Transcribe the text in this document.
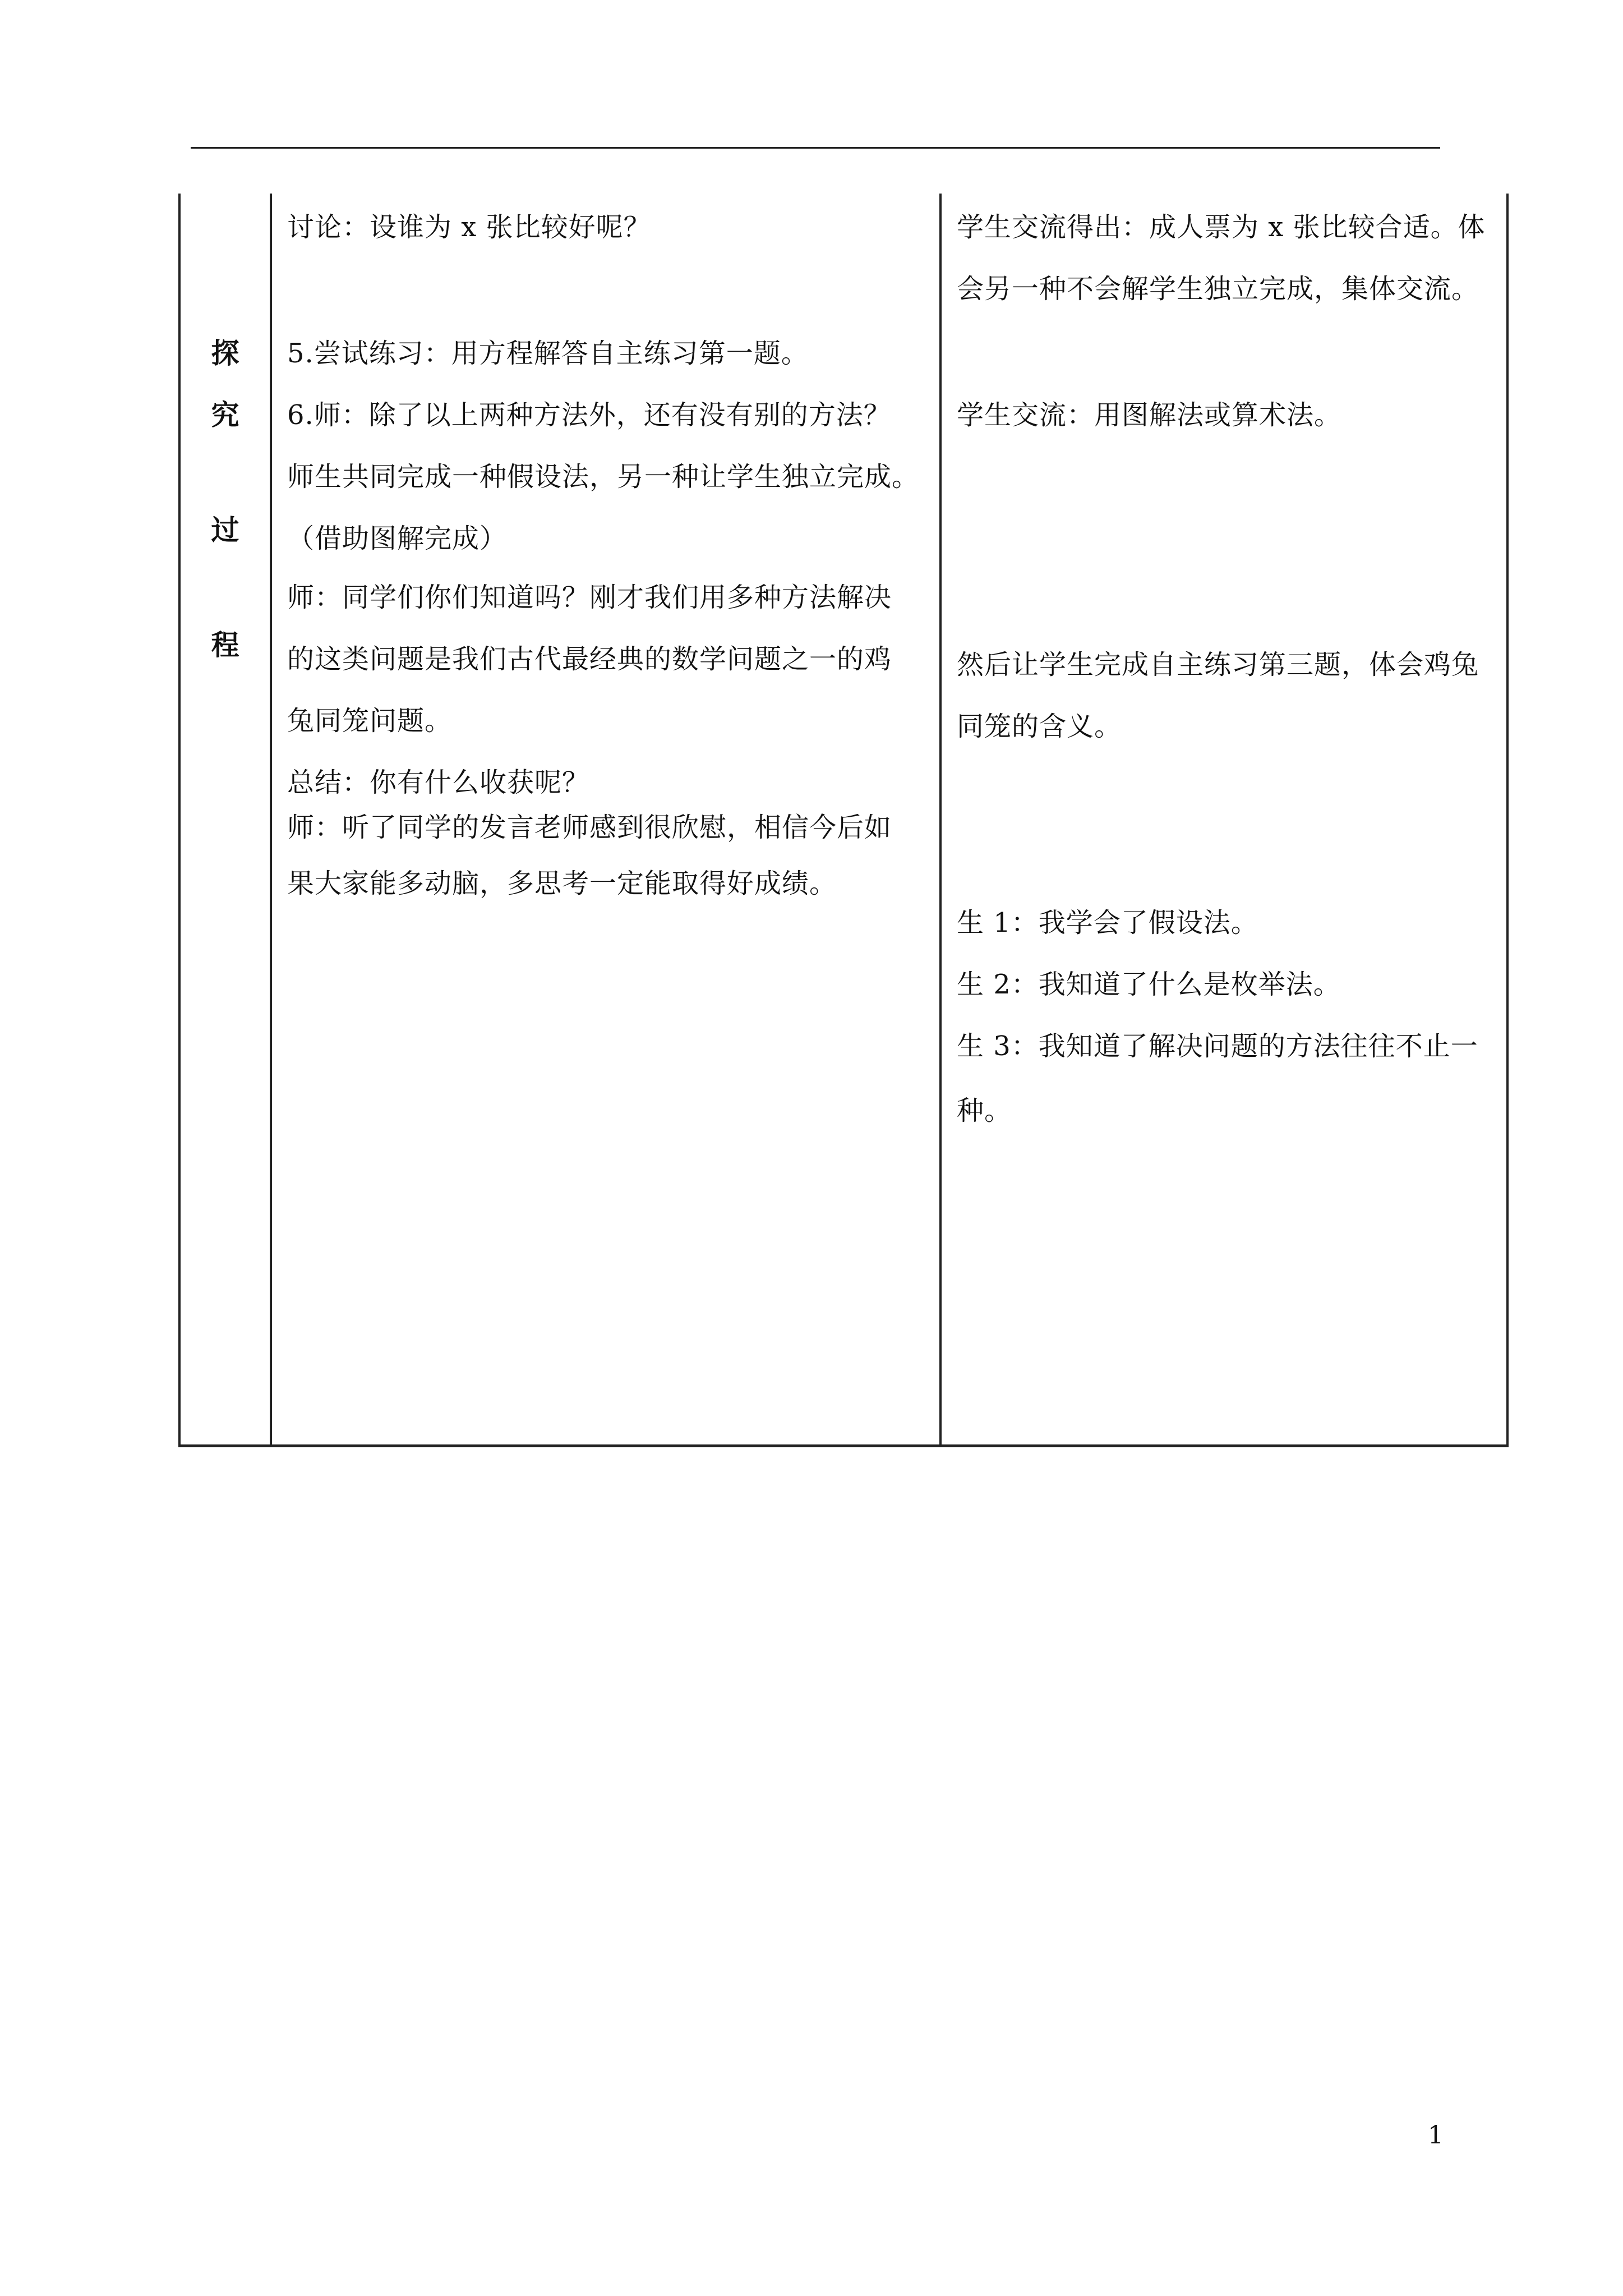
探
究
过
程

讨论：设谁为 x 张比较好呢？
5.尝试练习：用方程解答自主练习第一题。
6.师：除了以上两种方法外，还有没有别的方法？
师生共同完成一种假设法，另一种让学生独立完成。
（借助图解完成）
师：同学们你们知道吗？刚才我们用多种方法解决
的这类问题是我们古代最经典的数学问题之一的鸡
兔同笼问题。
总结：你有什么收获呢？
师：听了同学的发言老师感到很欣慰，相信今后如
果大家能多动脑，多思考一定能取得好成绩。

学生交流得出：成人票为 x 张比较合适。体
会另一种不会解学生独立完成，集体交流。
学生交流：用图解法或算术法。
然后让学生完成自主练习第三题，体会鸡兔
同笼的含义。
生 1：我学会了假设法。
生 2：我知道了什么是枚举法。
生 3：我知道了解决问题的方法往往不止一
种。
1
